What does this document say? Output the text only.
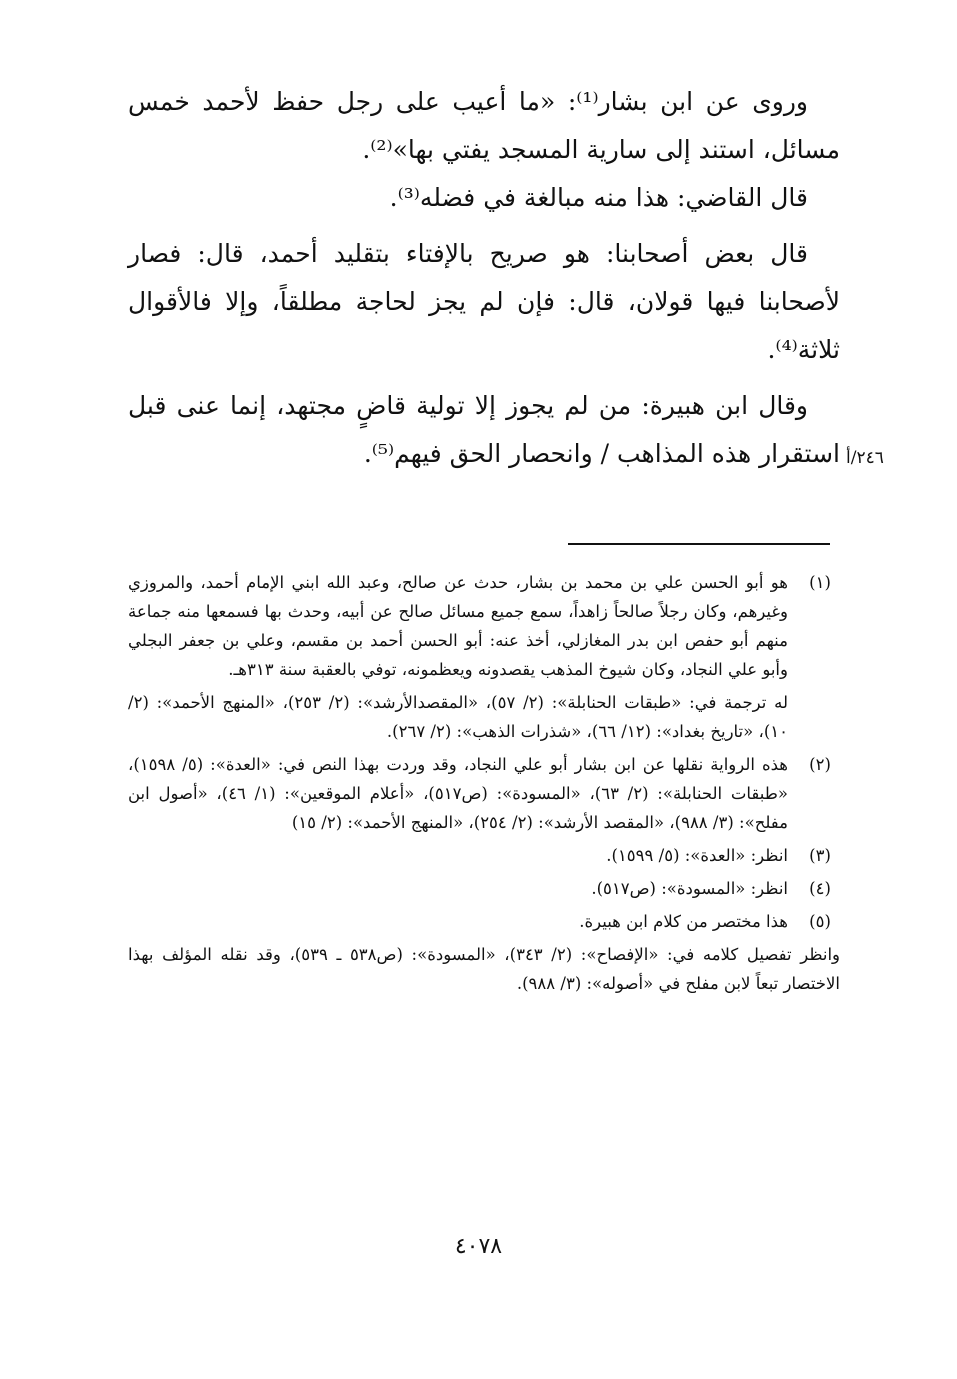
وروى عن ابن بشار⁽¹⁾: «ما أعيب على رجل حفظ لأحمد خمس مسائل، استند إلى سارية المسجد يفتي بها»⁽²⁾.

قال القاضي: هذا منه مبالغة في فضله⁽³⁾.

قال بعض أصحابنا: هو صريح بالإفتاء بتقليد أحمد، قال: فصار لأصحابنا فيها قولان، قال: فإن لم يجز لحاجة مطلقاً، وإلا فالأقوال ثلاثة⁽⁴⁾.

وقال ابن هبيرة: من لم يجوز إلا تولية قاضٍ مجتهد، إنما عنى قبل استقرار هذه المذاهب / وانحصار الحق فيهم⁽⁵⁾. ٢٤٦/أ
(١)
هو أبو الحسن علي بن محمد بن بشار، حدث عن صالح، وعبد الله ابني الإمام أحمد، والمروزي وغيرهم، وكان رجلاً صالحاً زاهداً، سمع جميع مسائل صالح عن أبيه، وحدث بها فسمعها منه جماعة منهم أبو حفص ابن بدر المغازلي، أخذ عنه: أبو الحسن أحمد بن مقسم، وعلي بن جعفر البجلي وأبو علي النجاد، وكان شيوخ المذهب يقصدونه ويعظمونه، توفي بالعقبة سنة ٣١٣هـ.
له ترجمة في: «طبقات الحنابلة»: (٢/ ٥٧)، «المقصدالأرشد»: (٢/ ٢٥٣)، «المنهج الأحمد»: (٢/ ١٠)، «تاريخ بغداد»: (١٢/ ٦٦)، «شذرات الذهب»: (٢/ ٢٦٧).
(٢)
هذه الرواية نقلها عن ابن بشار أبو علي النجاد، وقد وردت بهذا النص في: «العدة»: (٥/ ١٥٩٨)، «طبقات الحنابلة»: (٢/ ٦٣)، «المسودة»: (ص٥١٧)، «أعلام الموقعين»: (١/ ٤٦)، «أصول ابن مفلح»: (٣/ ٩٨٨)، «المقصد الأرشد»: (٢/ ٢٥٤)، «المنهج الأحمد»: (٢/ ١٥)
(٣)
انظر: «العدة»: (٥/ ١٥٩٩).
(٤)
انظر: «المسودة»: (ص٥١٧).
(٥)
هذا مختصر من كلام ابن هبيرة.
وانظر تفصيل كلامه في: «الإفصاح»: (٢/ ٣٤٣)، «المسودة»: (ص٥٣٨ ـ ٥٣٩)، وقد نقله المؤلف بهذا الاختصار تبعاً لابن مفلح في «أصوله»: (٣/ ٩٨٨).
٤٠٧٨
